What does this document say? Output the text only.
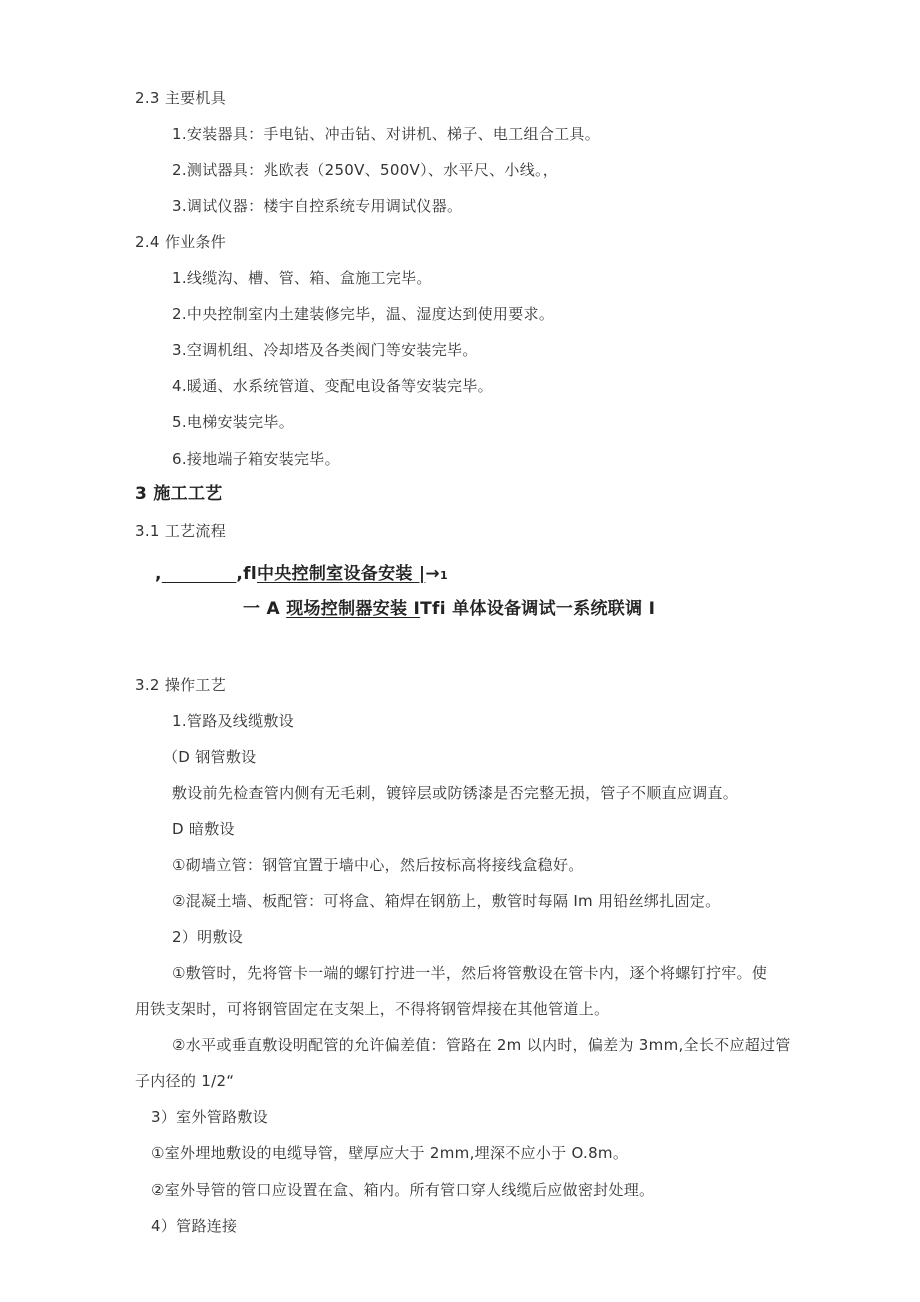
2.3 主要机具

1.安装器具：手电钻、冲击钻、对讲机、梯子、电工组合工具。

2.测试器具：兆欧表（250V、500V）、水平尺、小线。，

3.调试仪器：楼宇自控系统专用调试仪器。

2.4 作业条件

1.线缆沟、槽、管、箱、盒施工完毕。

2.中央控制室内土建装修完毕，温、湿度达到使用要求。

3.空调机组、冷却塔及各类阀门等安装完毕。

4.暖通、水系统管道、变配电设备等安装完毕。

5.电梯安装完毕。

6.接地端子箱安装完毕。

3 施工工艺

3.1 工艺流程

,	,fl中央控制室设备安装 |→1
一 A 现场控制器安装 ITfi 单体设备调试一系统联调 I

3.2 操作工艺

1.管路及线缆敷设

（D 钢管敷设

敷设前先检查管内侧有无毛刺，镀锌层或防锈漆是否完整无损，管子不顺直应调直。

D 暗敷设

①砌墙立管：钢管宜置于墙中心，然后按标高将接线盒稳好。

②混凝土墙、板配管：可将盒、箱焊在钢筋上，敷管时每隔 Im 用铅丝绑扎固定。

2）明敷设

①敷管时，先将管卡一端的螺钉拧进一半，然后将管敷设在管卡内，逐个将螺钉拧牢。使

用铁支架时，可将钢管固定在支架上，不得将钢管焊接在其他管道上。

②水平或垂直敷设明配管的允许偏差值：管路在 2m 以内时，偏差为 3mm,全长不应超过管

子内径的 1/2“

3）室外管路敷设

①室外埋地敷设的电缆导管，壁厚应大于 2mm,埋深不应小于 O.8m。

②室外导管的管口应设置在盒、箱内。所有管口穿人线缆后应做密封处理。

4）管路连接
